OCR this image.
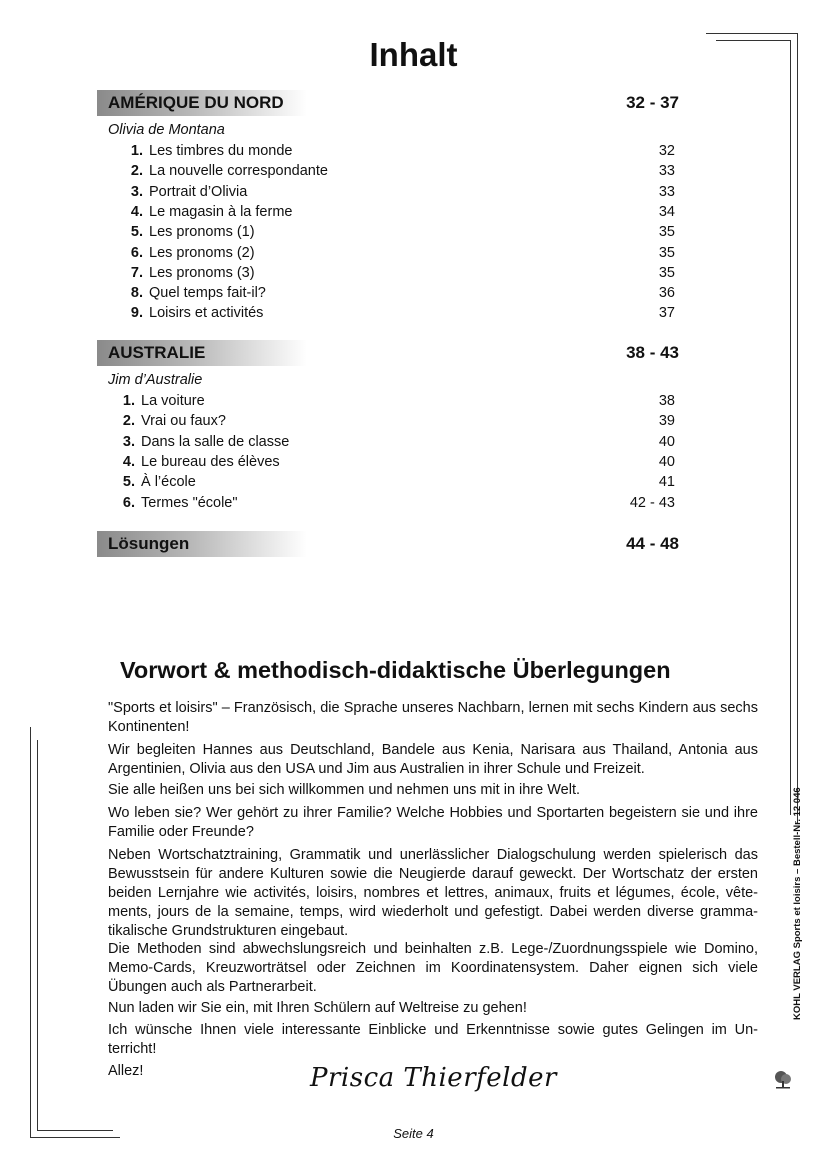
Inhalt
AMÉRIQUE DU NORD	32 - 37
Olivia de Montana
1. Les timbres du monde	32
2. La nouvelle correspondante	33
3. Portrait d’Olivia	33
4. Le magasin à la ferme	34
5. Les pronoms (1)	35
6. Les pronoms (2)	35
7. Les pronoms (3)	35
8. Quel temps fait-il?	36
9. Loisirs et activités	37
AUSTRALIE	38 - 43
Jim d’Australie
1. La voiture	38
2. Vrai ou faux?	39
3. Dans la salle de classe	40
4. Le bureau des élèves	40
5. À l’école	41
6. Termes "école"	42 - 43
Lösungen	44 - 48
Vorwort & methodisch-didaktische Überlegungen
"Sports et loisirs" – Französisch, die Sprache unseres Nachbarn, lernen mit sechs Kindern aus sechs Kontinenten!
Wir begleiten Hannes aus Deutschland, Bandele aus Kenia, Narisara aus Thailand, Antonia aus Argentinien, Olivia aus den USA und Jim aus Australien in ihrer Schule und Freizeit.
Sie alle heißen uns bei sich willkommen und nehmen uns mit in ihre Welt.
Wo leben sie? Wer gehört zu ihrer Familie? Welche Hobbies und Sportarten begeistern sie und ihre Familie oder Freunde?
Neben Wortschatztraining, Grammatik und unerlässlicher Dialogschulung werden spielerisch das Bewusstsein für andere Kulturen sowie die Neugierde darauf geweckt. Der Wortschatz der ersten beiden Lernjahre wie activités, loisirs, nombres et lettres, animaux, fruits et légumes, école, vête-ments, jours de la semaine, temps, wird wiederholt und gefestigt. Dabei werden diverse gramma-tikalische Grundstrukturen eingebaut.
Die Methoden sind abwechslungsreich und beinhalten z.B. Lege-/Zuordnungsspiele wie Domino, Memo-Cards, Kreuzworträtsel oder Zeichnen im Koordinatensystem. Daher eignen sich viele Übungen auch als Partnerarbeit.
Nun laden wir Sie ein, mit Ihren Schülern auf Weltreise zu gehen!
Ich wünsche Ihnen viele interessante Einblicke und Erkenntnisse sowie gutes Gelingen im Un-terricht!
Allez!	Prisca Thierfelder
KOHL VERLAG Sports et loisirs – Bestell-Nr. 12 046
Seite 4
